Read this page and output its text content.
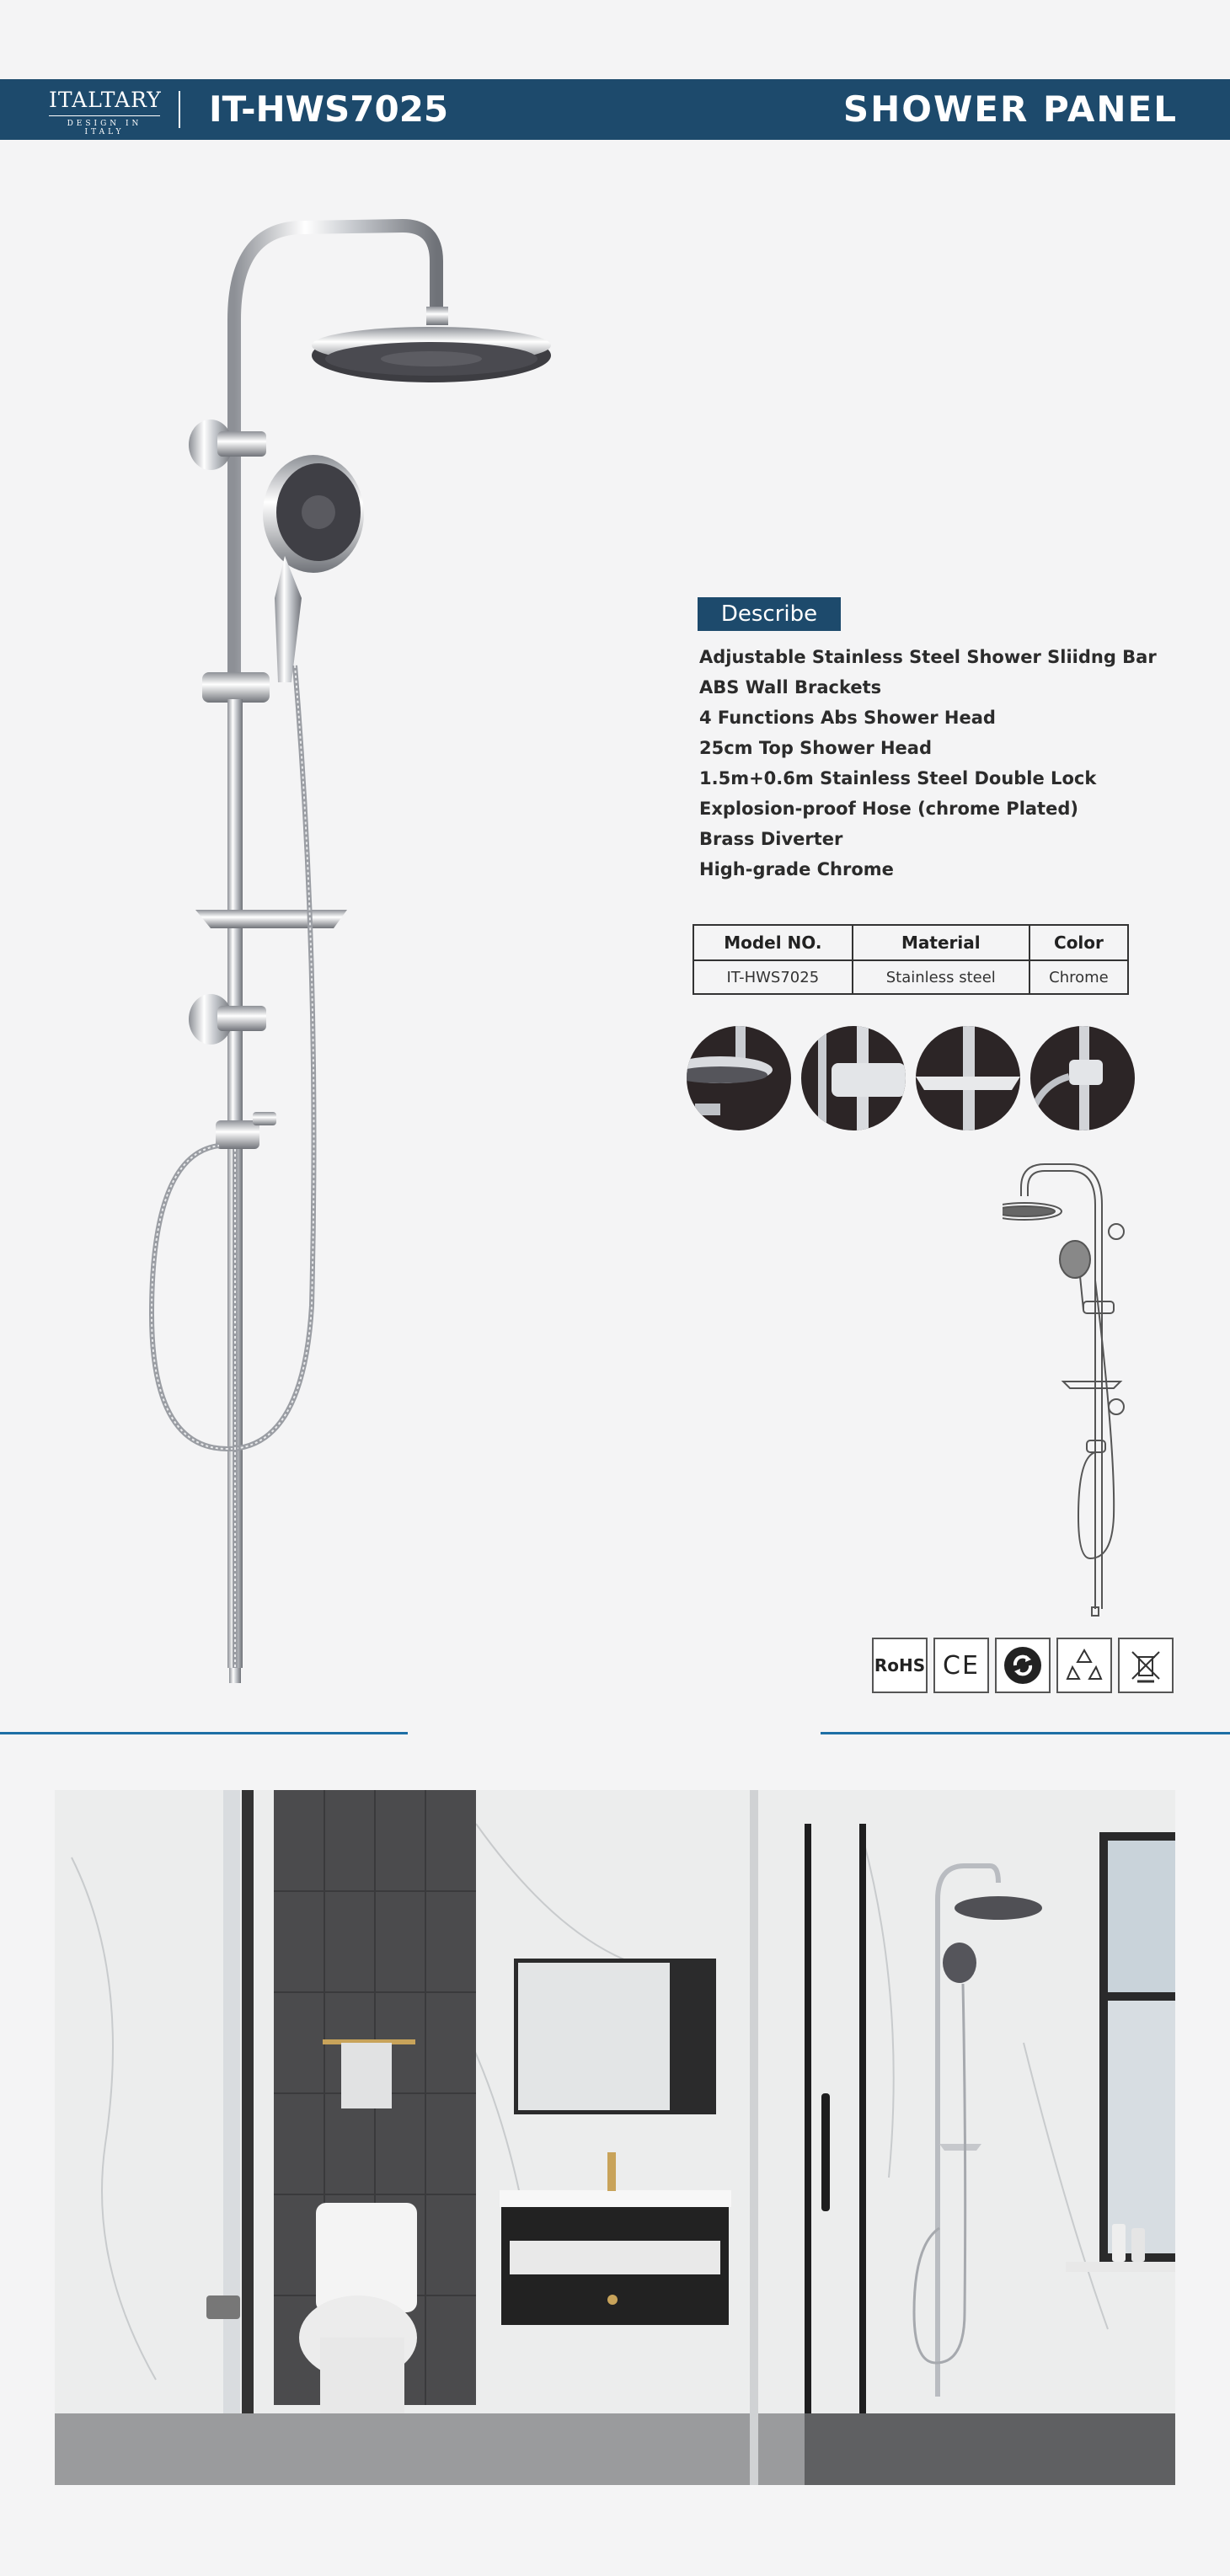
ITALTARY
DESIGN IN ITALY
IT-HWS7025	SHOWER PANEL
Describe
Adjustable Stainless Steel Shower Sliidng Bar
ABS Wall Brackets
4 Functions Abs Shower Head
25cm Top Shower Head
1.5m+0.6m Stainless Steel Double Lock
Explosion-proof Hose (chrome Plated)
Brass Diverter
High-grade Chrome
Model NO.	Material	Color
IT-HWS7025	Stainless steel	Chrome
RoHS CE
